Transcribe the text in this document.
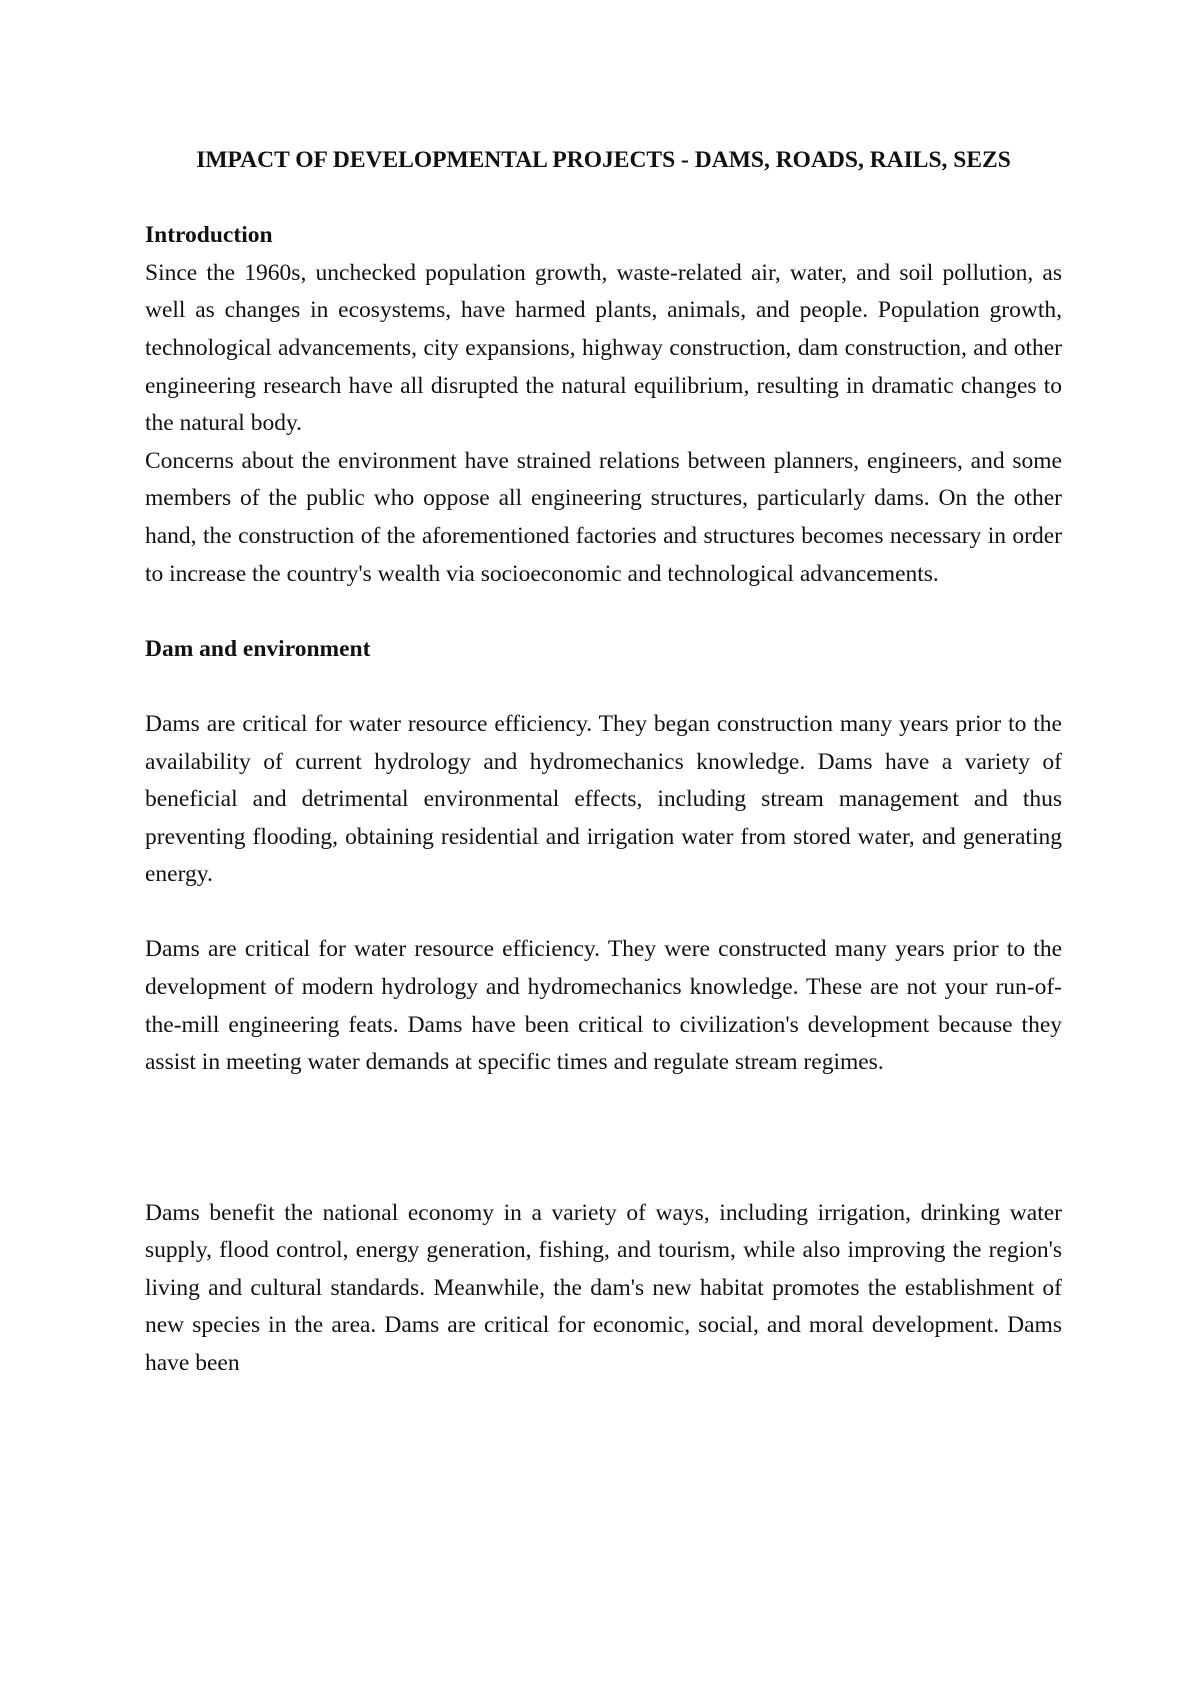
IMPACT OF DEVELOPMENTAL PROJECTS - DAMS, ROADS, RAILS, SEZS

Introduction

Since the 1960s, unchecked population growth, waste-related air, water, and soil pollution, as well as changes in ecosystems, have harmed plants, animals, and people. Population growth, technological advancements, city expansions, highway construction, dam construction, and other engineering research have all disrupted the natural equilibrium, resulting in dramatic changes to the natural body.

Concerns about the environment have strained relations between planners, engineers, and some members of the public who oppose all engineering structures, particularly dams. On the other hand, the construction of the aforementioned factories and structures becomes necessary in order to increase the country's wealth via socioeconomic and technological advancements.

Dam and environment

Dams are critical for water resource efficiency. They began construction many years prior to the availability of current hydrology and hydromechanics knowledge. Dams have a variety of beneficial and detrimental environmental effects, including stream management and thus preventing flooding, obtaining residential and irrigation water from stored water, and generating energy.

Dams are critical for water resource efficiency. They were constructed many years prior to the development of modern hydrology and hydromechanics knowledge. These are not your run-of-the-mill engineering feats. Dams have been critical to civilization's development because they assist in meeting water demands at specific times and regulate stream regimes.

Dams benefit the national economy in a variety of ways, including irrigation, drinking water supply, flood control, energy generation, fishing, and tourism, while also improving the region's living and cultural standards. Meanwhile, the dam's new habitat promotes the establishment of new species in the area. Dams are critical for economic, social, and moral development. Dams have been
